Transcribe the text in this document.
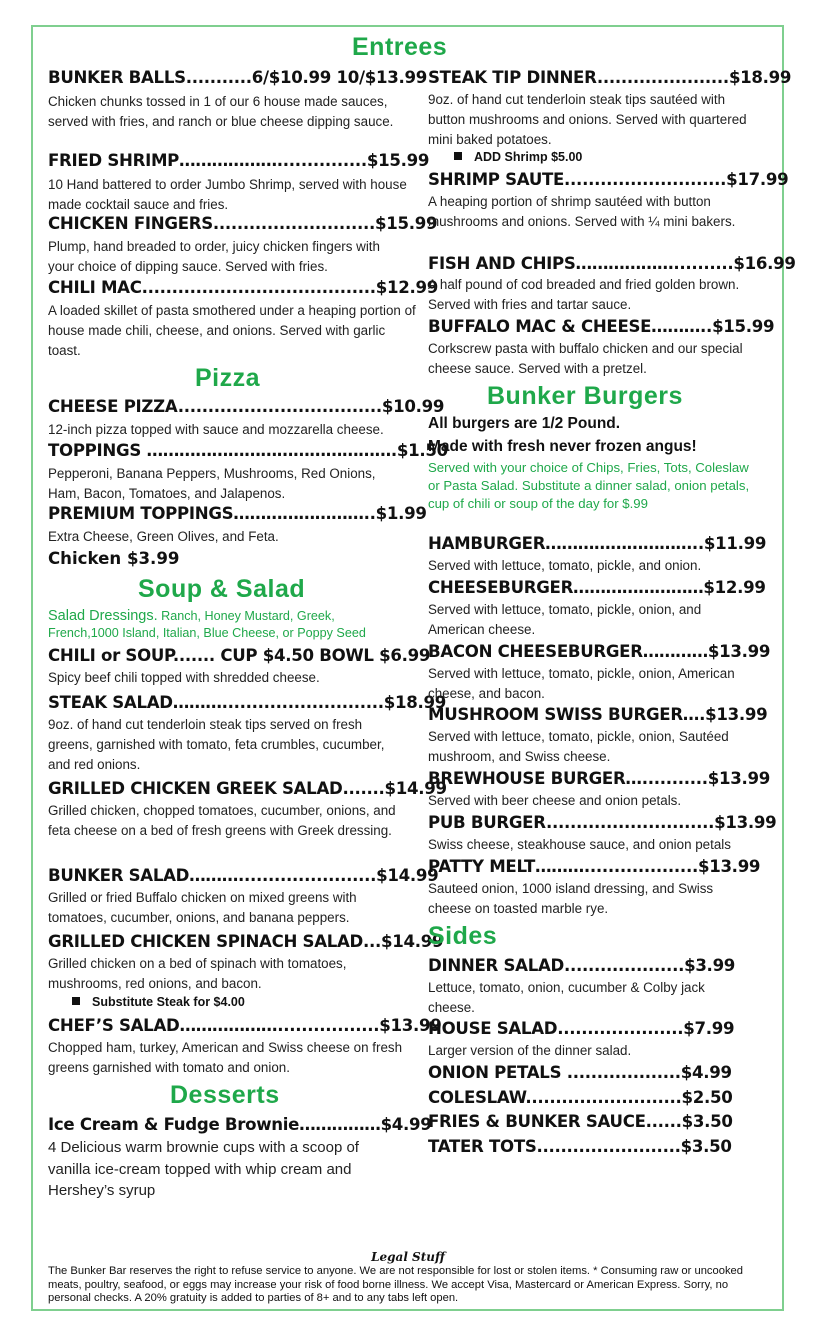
Entrees
BUNKER BALLS...........6/$10.99 10/$13.99
Chicken chunks tossed in 1 of our 6 house made sauces, served with fries, and ranch or blue cheese dipping sauce.
FRIED SHRIMP………………...............$15.99
10 Hand battered to order Jumbo Shrimp, served with house made cocktail sauce and fries.
CHICKEN FINGERS...........................$15.99
Plump, hand breaded to order, juicy chicken fingers with your choice of dipping sauce. Served with fries.
CHILI MAC.......................................$12.99
A loaded skillet of pasta smothered under a heaping portion of house made chili, cheese, and onions. Served with garlic toast.
Pizza
CHEESE PIZZA..................................$10.99
12-inch pizza topped with sauce and mozzarella cheese.
TOPPINGS ……………………………………….$1.50
Pepperoni, Banana Peppers, Mushrooms, Red Onions, Ham, Bacon, Tomatoes, and Jalapenos.
PREMIUM TOPPINGS……………………..$1.99
Extra Cheese, Green Olives, and Feta.
Chicken $3.99
Soup & Salad
Salad Dressings. Ranch, Honey Mustard, Greek, French,1000 Island, Italian, Blue Cheese, or Poppy Seed
CHILI or SOUP....... CUP $4.50 BOWL $6.99
Spicy beef chili topped with shredded cheese.
STEAK SALAD………...........................$18.99
9oz. of hand cut tenderloin steak tips served on fresh greens, garnished with tomato, feta crumbles, cucumber, and red onions.
GRILLED CHICKEN GREEK SALAD.......$14.99
Grilled chicken, chopped tomatoes, cucumber, onions, and feta cheese on a bed of fresh greens with Greek dressing.
BUNKER SALAD……….......................$14.99
Grilled or fried Buffalo chicken on mixed greens with tomatoes, cucumber, onions, and banana peppers.
GRILLED CHICKEN SPINACH SALAD...$14.99
Grilled chicken on a bed of spinach with tomatoes, mushrooms, red onions, and bacon.
Substitute Steak for $4.00
CHEF’S SALAD……………….................$13.99
Chopped ham, turkey, American and Swiss cheese on fresh greens garnished with tomato and onion.
Desserts
Ice Cream & Fudge Brownie……………$4.99
4 Delicious warm brownie cups with a scoop of vanilla ice-cream topped with whip cream and Hershey’s syrup
STEAK TIP DINNER......................$18.99
9oz. of hand cut tenderloin steak tips sautéed with button mushrooms and onions. Served with quartered mini baked potatoes.
ADD Shrimp $5.00
SHRIMP SAUTE...........................$17.99
A heaping portion of shrimp sautéed with button mushrooms and onions. Served with ¼ mini bakers.
FISH AND CHIPS………………..........$16.99
A half pound of cod breaded and fried golden brown. Served with fries and tartar sauce.
BUFFALO MAC & CHEESE………..$15.99
Corkscrew pasta with buffalo chicken and our special cheese sauce. Served with a pretzel.
Bunker Burgers
All burgers are 1/2 Pound.
Made with fresh never frozen angus!
Served with your choice of Chips, Fries, Tots, Coleslaw or Pasta Salad. Substitute a dinner salad, onion petals, cup of chili or soup of the day for $.99
HAMBURGER………………………..$11.99
Served with lettuce, tomato, pickle, and onion.
CHEESEBURGER……………………$12.99
Served with lettuce, tomato, pickle, onion, and American cheese.
BACON CHEESEBURGER…………$13.99
Served with lettuce, tomato, pickle, onion, American cheese, and bacon.
MUSHROOM SWISS BURGER….$13.99
Served with lettuce, tomato, pickle, onion, Sautéed mushroom, and Swiss cheese.
BREWHOUSE BURGER…...........$13.99
Served with beer cheese and onion petals.
PUB BURGER............................$13.99
Swiss cheese, steakhouse sauce, and onion petals
PATTY MELT………...................$13.99
Sauteed onion, 1000 island dressing, and Swiss cheese on toasted marble rye.
Sides
DINNER SALAD....................$3.99
Lettuce, tomato, onion, cucumber & Colby jack cheese.
HOUSE SALAD.....................$7.99
Larger version of the dinner salad.
ONION PETALS ...................$4.99
COLESLAW..........................$2.50
FRIES & BUNKER SAUCE......$3.50
TATER TOTS........................$3.50
Legal Stuff
The Bunker Bar reserves the right to refuse service to anyone. We are not responsible for lost or stolen items. * Consuming raw or uncooked meats, poultry, seafood, or eggs may increase your risk of food borne illness. We accept Visa, Mastercard or American Express. Sorry, no personal checks. A 20% gratuity is added to parties of 8+ and to any tabs left open.
